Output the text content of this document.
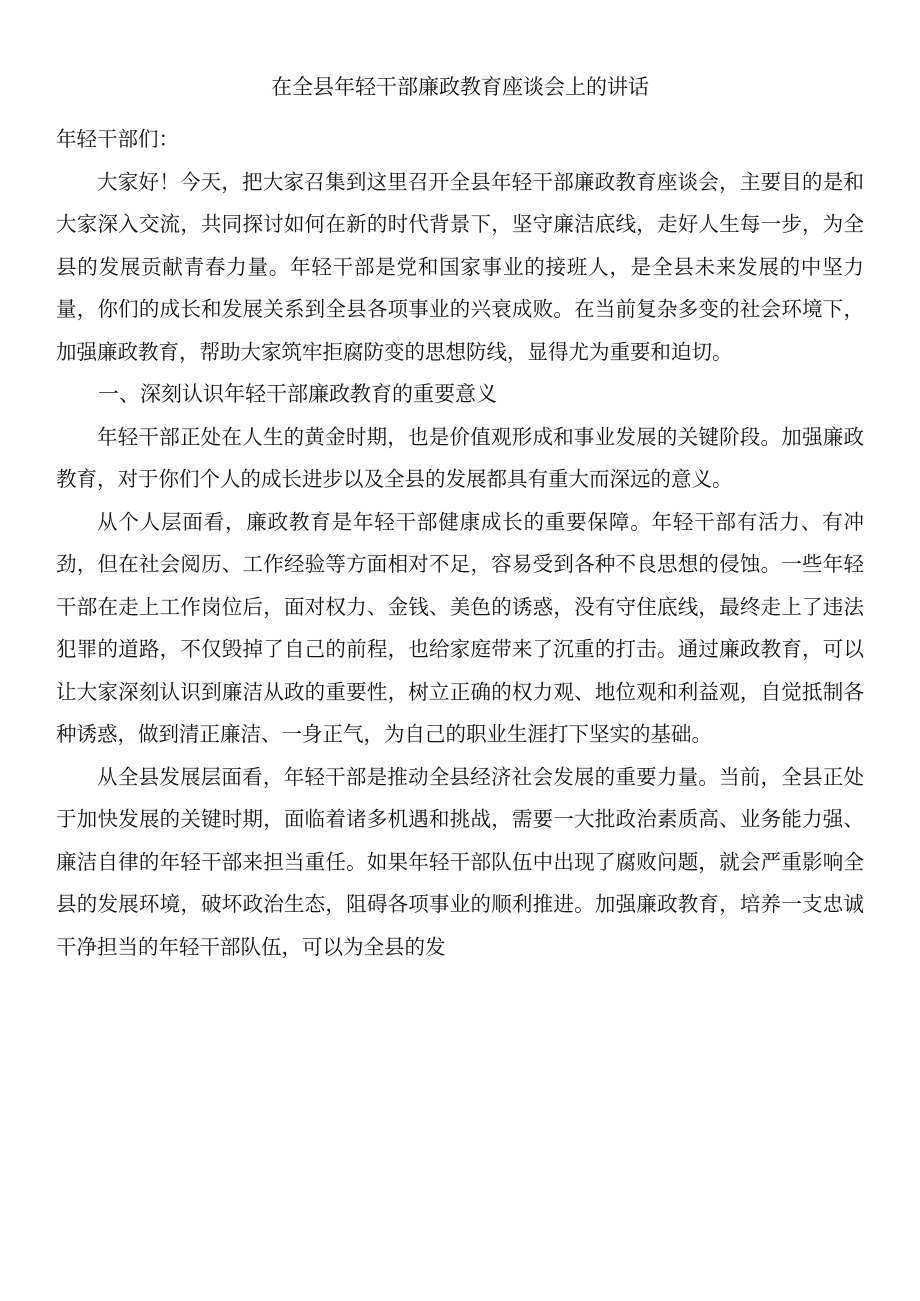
在全县年轻干部廉政教育座谈会上的讲话

年轻干部们：

大家好！今天，把大家召集到这里召开全县年轻干部廉政教育座谈会，主要目的是和大家深入交流，共同探讨如何在新的时代背景下，坚守廉洁底线，走好人生每一步，为全县的发展贡献青春力量。年轻干部是党和国家事业的接班人，是全县未来发展的中坚力量，你们的成长和发展关系到全县各项事业的兴衰成败。在当前复杂多变的社会环境下，加强廉政教育，帮助大家筑牢拒腐防变的思想防线，显得尤为重要和迫切。

一、深刻认识年轻干部廉政教育的重要意义

年轻干部正处在人生的黄金时期，也是价值观形成和事业发展的关键阶段。加强廉政教育，对于你们个人的成长进步以及全县的发展都具有重大而深远的意义。

从个人层面看，廉政教育是年轻干部健康成长的重要保障。年轻干部有活力、有冲劲，但在社会阅历、工作经验等方面相对不足，容易受到各种不良思想的侵蚀。一些年轻干部在走上工作岗位后，面对权力、金钱、美色的诱惑，没有守住底线，最终走上了违法犯罪的道路，不仅毁掉了自己的前程，也给家庭带来了沉重的打击。通过廉政教育，可以让大家深刻认识到廉洁从政的重要性，树立正确的权力观、地位观和利益观，自觉抵制各种诱惑，做到清正廉洁、一身正气，为自己的职业生涯打下坚实的基础。

从全县发展层面看，年轻干部是推动全县经济社会发展的重要力量。当前，全县正处于加快发展的关键时期，面临着诸多机遇和挑战，需要一大批政治素质高、业务能力强、廉洁自律的年轻干部来担当重任。如果年轻干部队伍中出现了腐败问题，就会严重影响全县的发展环境，破坏政治生态，阻碍各项事业的顺利推进。加强廉政教育，培养一支忠诚干净担当的年轻干部队伍，可以为全县的发
